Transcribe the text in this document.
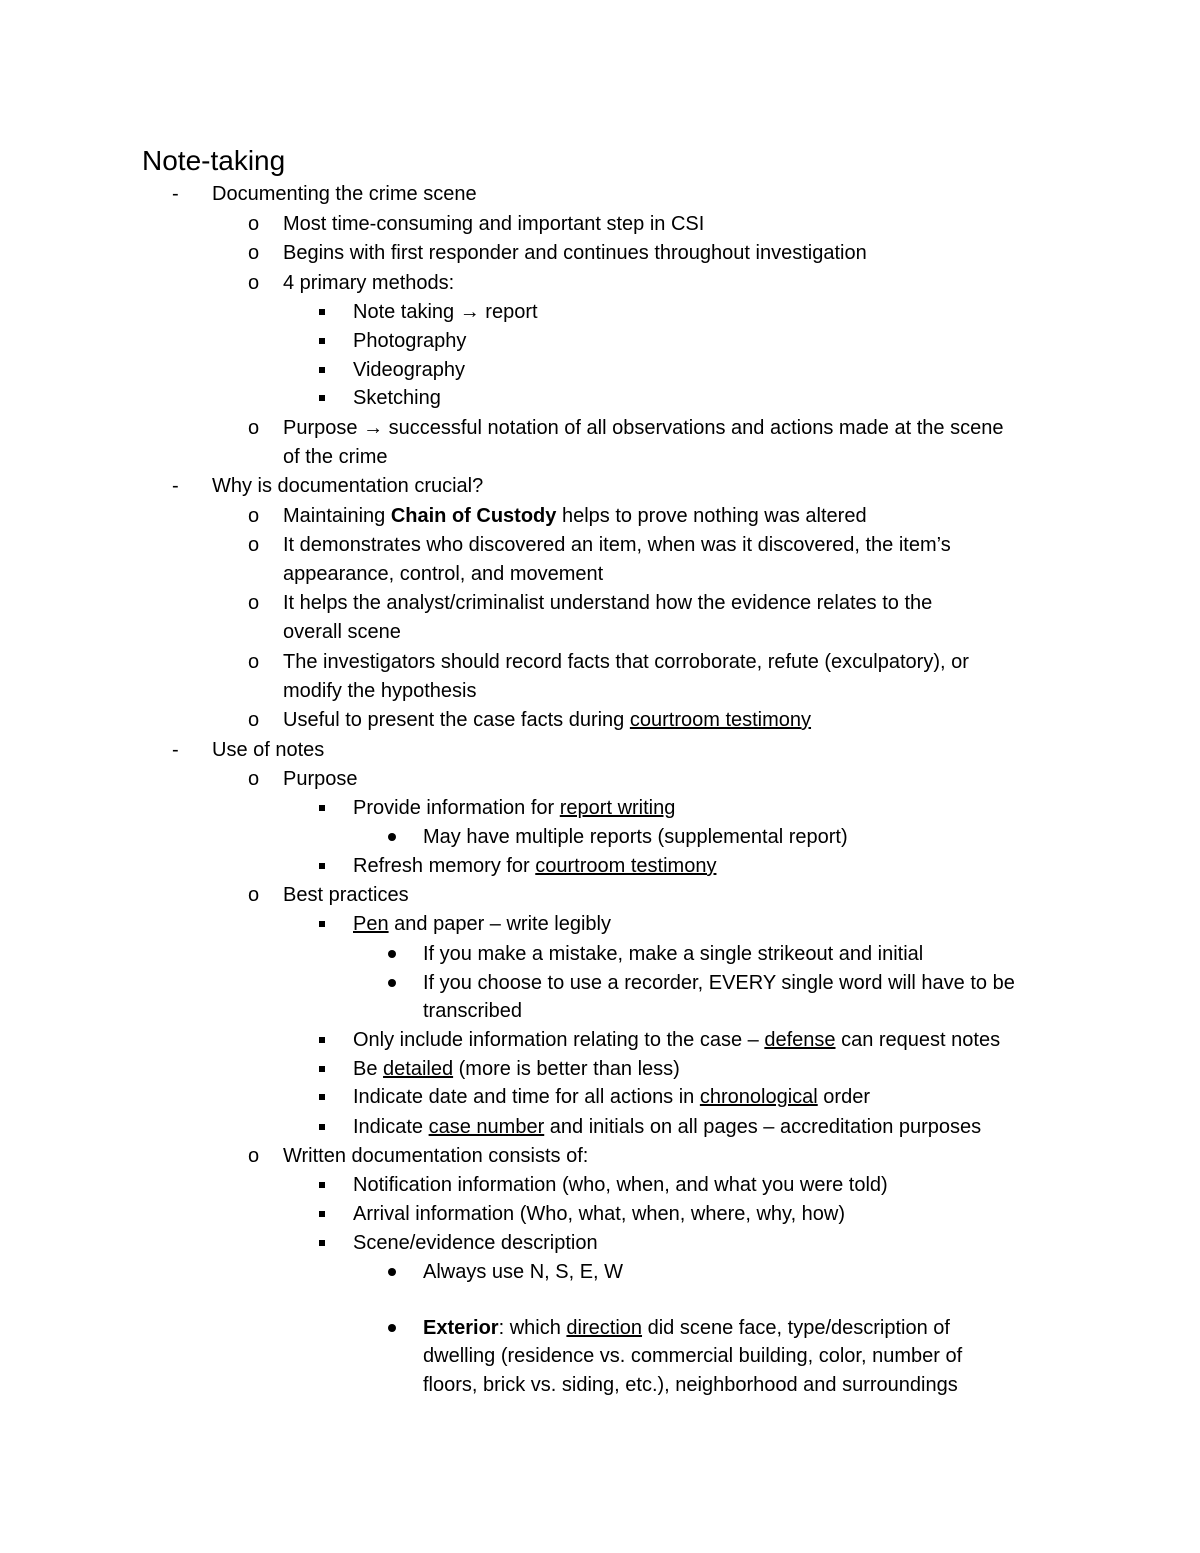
Note-taking
- Documenting the crime scene
o Most time-consuming and important step in CSI
o Begins with first responder and continues throughout investigation
o 4 primary methods:
Note taking → report
Photography
Videography
Sketching
o Purpose → successful notation of all observations and actions made at the scene
of the crime
- Why is documentation crucial?
o Maintaining Chain of Custody helps to prove nothing was altered
o It demonstrates who discovered an item, when was it discovered, the item’s
appearance, control, and movement
o It helps the analyst/criminalist understand how the evidence relates to the
overall scene
o The investigators should record facts that corroborate, refute (exculpatory), or
modify the hypothesis
o Useful to present the case facts during courtroom testimony
- Use of notes
o Purpose
Provide information for report writing
May have multiple reports (supplemental report)
Refresh memory for courtroom testimony
o Best practices
Pen and paper – write legibly
If you make a mistake, make a single strikeout and initial
If you choose to use a recorder, EVERY single word will have to be
transcribed
Only include information relating to the case – defense can request notes
Be detailed (more is better than less)
Indicate date and time for all actions in chronological order
Indicate case number and initials on all pages – accreditation purposes
o Written documentation consists of:
Notification information (who, when, and what you were told)
Arrival information (Who, what, when, where, why, how)
Scene/evidence description
Always use N, S, E, W
Exterior: which direction did scene face, type/description of
dwelling (residence vs. commercial building, color, number of
floors, brick vs. siding, etc.), neighborhood and surroundings
